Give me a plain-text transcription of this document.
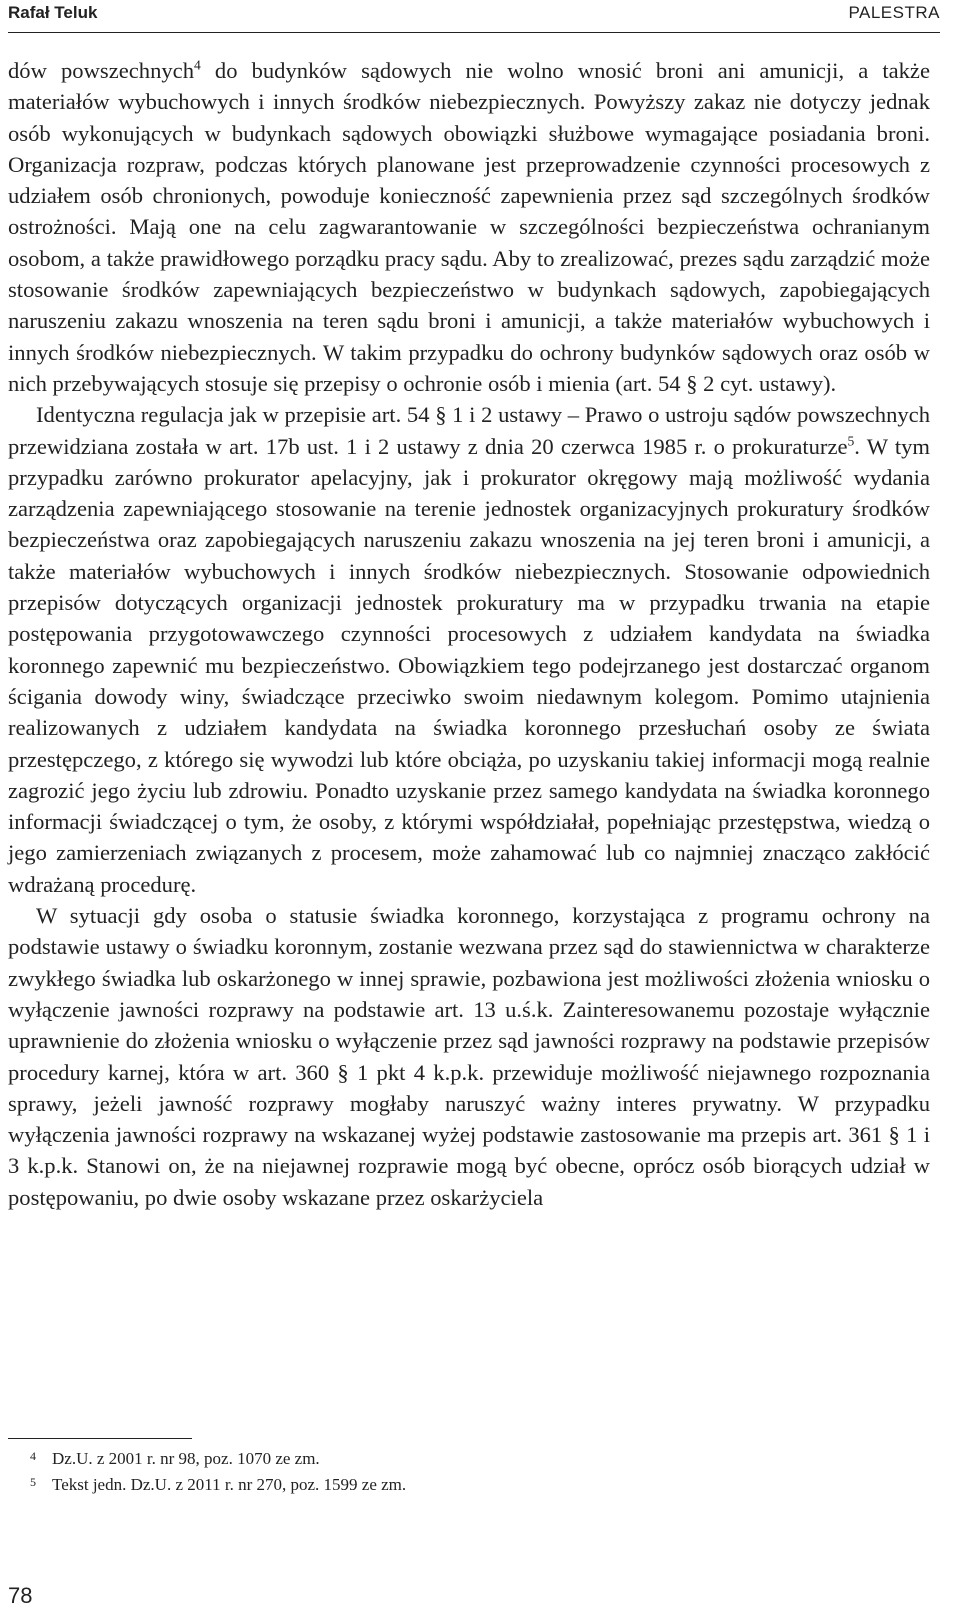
Rafał Teluk	PALESTRA

dów powszechnych$^4$ do budynków sądowych nie wolno wnosić broni ani amunicji, a także materiałów wybuchowych i innych środków niebezpiecznych. Powyższy zakaz nie dotyczy jednak osób wykonujących w budynkach sądowych obowiązki służbowe wymagające posiadania broni. Organizacja rozpraw, podczas których planowane jest przeprowadzenie czynności procesowych z udziałem osób chronionych, powoduje konieczność zapewnienia przez sąd szczególnych środków ostrożności. Mają one na celu zagwarantowanie w szczególności bezpieczeństwa ochranianym osobom, a także prawidłowego porządku pracy sądu. Aby to zrealizować, prezes sądu zarządzić może stosowanie środków zapewniających bezpieczeństwo w budynkach sądowych, zapobiegających naruszeniu zakazu wnoszenia na teren sądu broni i amunicji, a także materiałów wybuchowych i innych środków niebezpiecznych. W takim przypadku do ochrony budynków sądowych oraz osób w nich przebywających stosuje się przepisy o ochronie osób i mienia (art. 54 § 2 cyt. ustawy).

Identyczna regulacja jak w przepisie art. 54 § 1 i 2 ustawy – Prawo o ustroju sądów powszechnych przewidziana została w art. 17b ust. 1 i 2 ustawy z dnia 20 czerwca 1985 r. o prokuraturze$^5$. W tym przypadku zarówno prokurator apelacyjny, jak i prokurator okręgowy mają możliwość wydania zarządzenia zapewniającego stosowanie na terenie jednostek organizacyjnych prokuratury środków bezpieczeństwa oraz zapobiegających naruszeniu zakazu wnoszenia na jej teren broni i amunicji, a także materiałów wybuchowych i innych środków niebezpiecznych. Stosowanie odpowiednich przepisów dotyczących organizacji jednostek prokuratury ma w przypadku trwania na etapie postępowania przygotowawczego czynności procesowych z udziałem kandydata na świadka koronnego zapewnić mu bezpieczeństwo. Obowiązkiem tego podejrzanego jest dostarczać organom ścigania dowody winy, świadczące przeciwko swoim niedawnym kolegom. Pomimo utajnienia realizowanych z udziałem kandydata na świadka koronnego przesłuchań osoby ze świata przestępczego, z którego się wywodzi lub które obciąża, po uzyskaniu takiej informacji mogą realnie zagrozić jego życiu lub zdrowiu. Ponadto uzyskanie przez samego kandydata na świadka koronnego informacji świadczącej o tym, że osoby, z którymi współdziałał, popełniając przestępstwa, wiedzą o jego zamierzeniach związanych z procesem, może zahamować lub co najmniej znacząco zakłócić wdrażaną procedurę.

W sytuacji gdy osoba o statusie świadka koronnego, korzystająca z programu ochrony na podstawie ustawy o świadku koronnym, zostanie wezwana przez sąd do stawiennictwa w charakterze zwykłego świadka lub oskarżonego w innej sprawie, pozbawiona jest możliwości złożenia wniosku o wyłączenie jawności rozprawy na podstawie art. 13 u.ś.k. Zainteresowanemu pozostaje wyłącznie uprawnienie do złożenia wniosku o wyłączenie przez sąd jawności rozprawy na podstawie przepisów procedury karnej, która w art. 360 § 1 pkt 4 k.p.k. przewiduje możliwość niejawnego rozpoznania sprawy, jeżeli jawność rozprawy mogłaby naruszyć ważny interes prywatny. W przypadku wyłączenia jawności rozprawy na wskazanej wyżej podstawie zastosowanie ma przepis art. 361 § 1 i 3 k.p.k. Stanowi on, że na niejawnej rozprawie mogą być obecne, oprócz osób biorących udział w postępowaniu, po dwie osoby wskazane przez oskarżyciela

4 Dz.U. z 2001 r. nr 98, poz. 1070 ze zm.
5 Tekst jedn. Dz.U. z 2011 r. nr 270, poz. 1599 ze zm.
78
